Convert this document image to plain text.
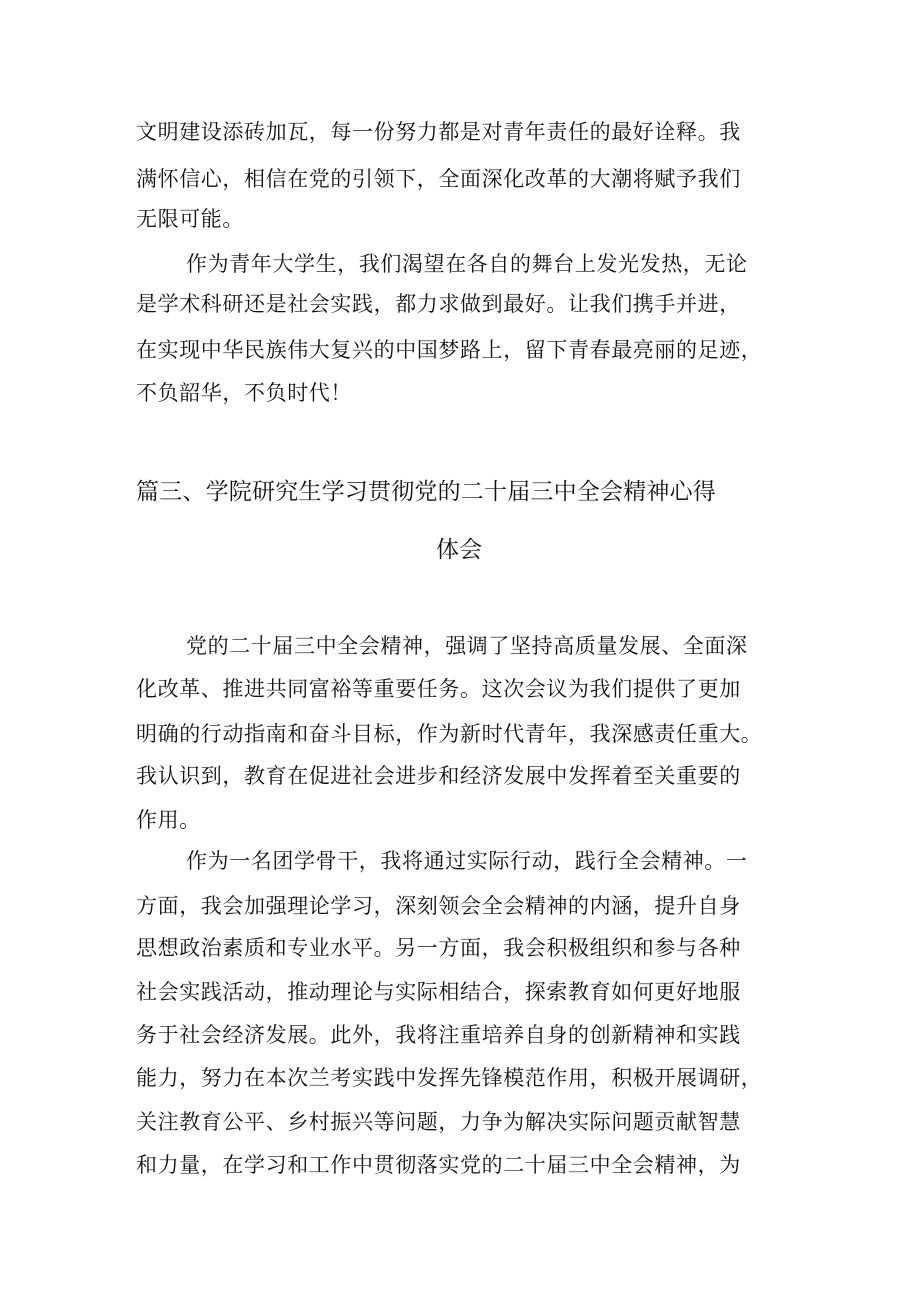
文明建设添砖加瓦，每一份努力都是对青年责任的最好诠释。我
满怀信心，相信在党的引领下，全面深化改革的大潮将赋予我们
无限可能。
作为青年大学生，我们渴望在各自的舞台上发光发热，无论
是学术科研还是社会实践，都力求做到最好。让我们携手并进，
在实现中华民族伟大复兴的中国梦路上，留下青春最亮丽的足迹，
不负韶华，不负时代！
篇三、学院研究生学习贯彻党的二十届三中全会精神心得
体会
党的二十届三中全会精神，强调了坚持高质量发展、全面深
化改革、推进共同富裕等重要任务。这次会议为我们提供了更加
明确的行动指南和奋斗目标，作为新时代青年，我深感责任重大。
我认识到，教育在促进社会进步和经济发展中发挥着至关重要的
作用。
作为一名团学骨干，我将通过实际行动，践行全会精神。一
方面，我会加强理论学习，深刻领会全会精神的内涵，提升自身
思想政治素质和专业水平。另一方面，我会积极组织和参与各种
社会实践活动，推动理论与实际相结合，探索教育如何更好地服
务于社会经济发展。此外，我将注重培养自身的创新精神和实践
能力，努力在本次兰考实践中发挥先锋模范作用，积极开展调研，
关注教育公平、乡村振兴等问题，力争为解决实际问题贡献智慧
和力量，在学习和工作中贯彻落实党的二十届三中全会精神，为
